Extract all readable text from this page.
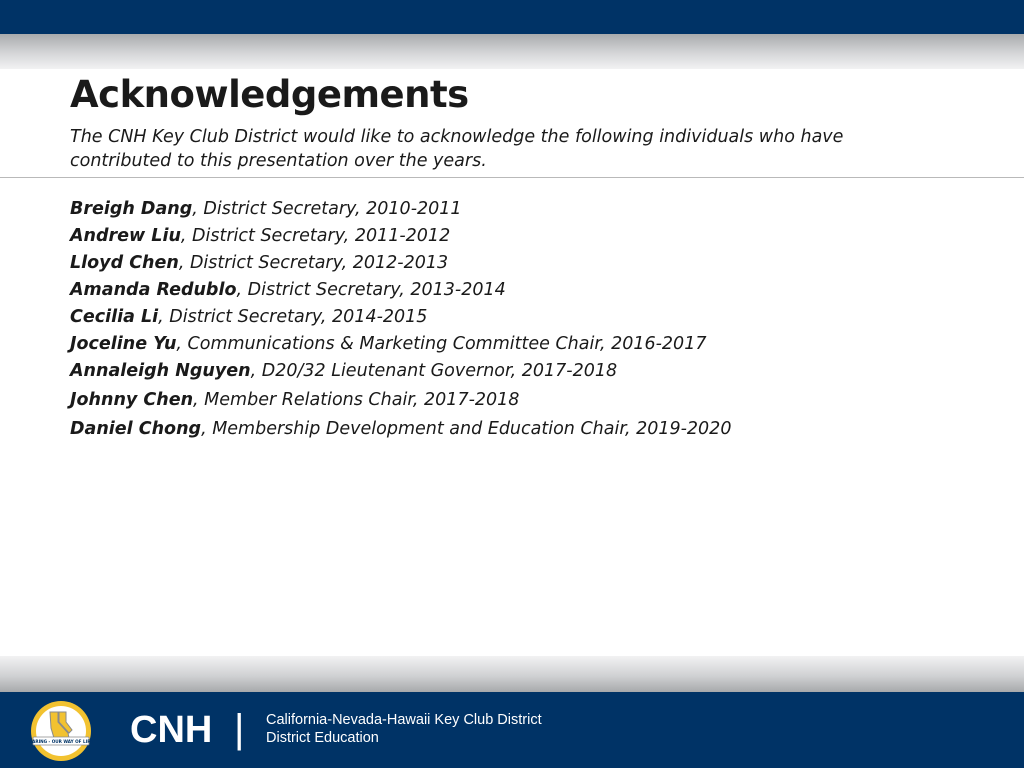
Acknowledgements

The CNH Key Club District would like to acknowledge the following individuals who have contributed to this presentation over the years.

Breigh Dang, District Secretary, 2010-2011
Andrew Liu, District Secretary, 2011-2012
Lloyd Chen, District Secretary, 2012-2013
Amanda Redublo, District Secretary, 2013-2014
Cecilia Li, District Secretary, 2014-2015
Joceline Yu, Communications & Marketing Committee Chair, 2016-2017
Annaleigh Nguyen, D20/32 Lieutenant Governor, 2017-2018
Johnny Chen, Member Relations Chair, 2017-2018
Daniel Chong, Membership Development and Education Chair, 2019-2020
CARING - OUR WAY OF LIFE CNH | California-Nevada-Hawaii Key Club District
District Education
